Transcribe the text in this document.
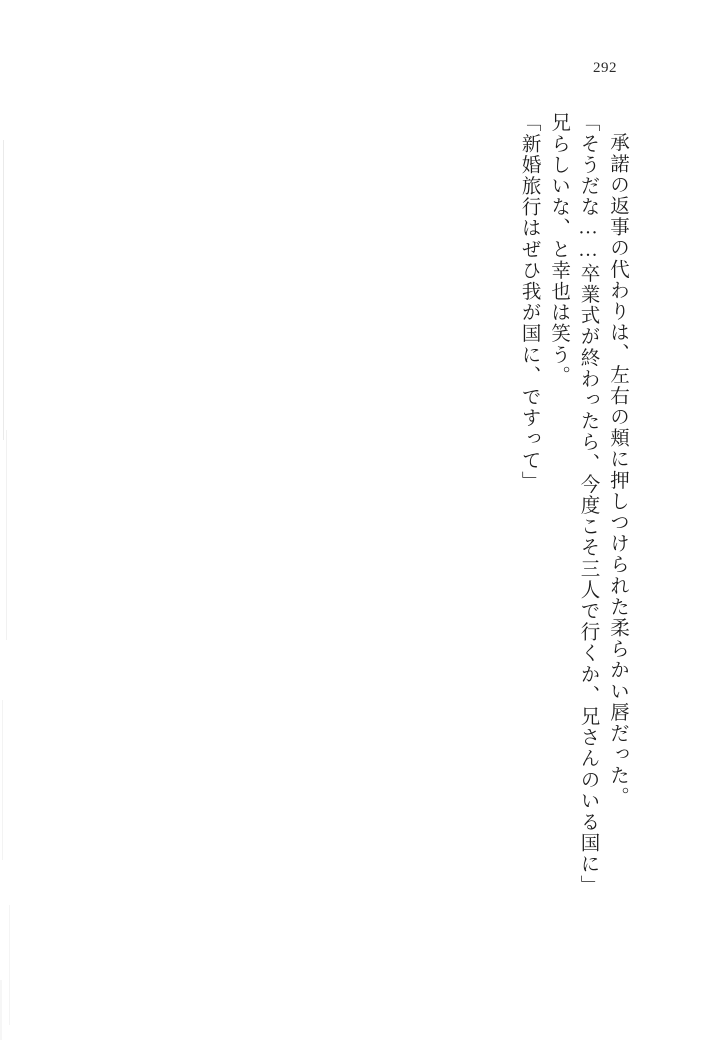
292
「新婚旅行はぜひ我が国に、ですって」 兄らしいな、と幸也は笑う。 「そうだな……卒業式が終わったら、今度こそ三人で行くか、兄さんのいる国に」 承諾の返事の代わりは、左右の頬に押しつけられた柔らかい唇だった。
